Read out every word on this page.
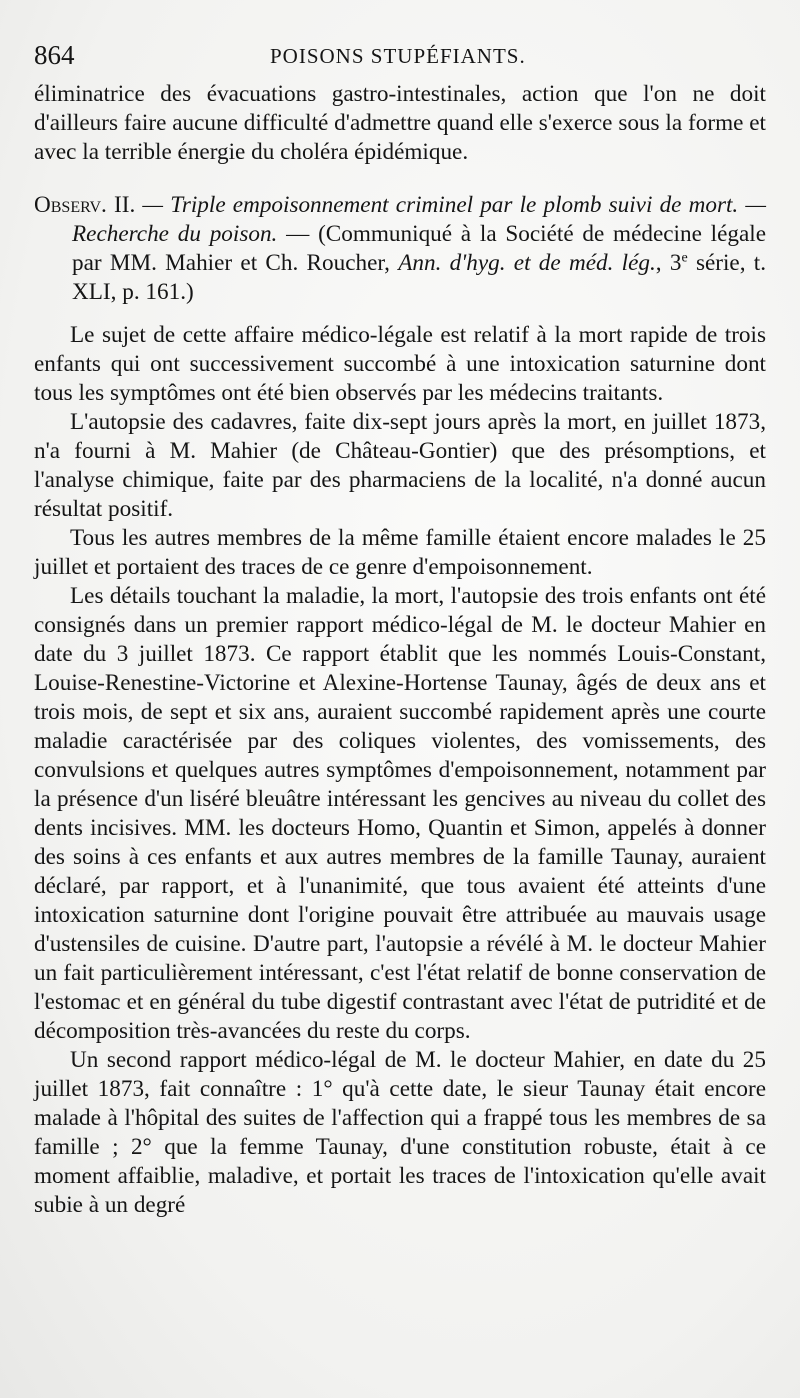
864	POISONS STUPÉFIANTS.

éliminatrice des évacuations gastro-intestinales, action que l'on ne doit d'ailleurs faire aucune difficulté d'admettre quand elle s'exerce sous la forme et avec la terrible énergie du choléra épidémique.

Observ. II. — Triple empoisonnement criminel par le plomb suivi de mort. — Recherche du poison. — (Communiqué à la Société de médecine légale par MM. Mahier et Ch. Roucher, Ann. d'hyg. et de méd. lég., 3e série, t. XLI, p. 161.)

Le sujet de cette affaire médico-légale est relatif à la mort rapide de trois enfants qui ont successivement succombé à une intoxication saturnine dont tous les symptômes ont été bien observés par les médecins traitants.

L'autopsie des cadavres, faite dix-sept jours après la mort, en juillet 1873, n'a fourni à M. Mahier (de Château-Gontier) que des présomptions, et l'analyse chimique, faite par des pharmaciens de la localité, n'a donné aucun résultat positif.

Tous les autres membres de la même famille étaient encore malades le 25 juillet et portaient des traces de ce genre d'empoisonnement.

Les détails touchant la maladie, la mort, l'autopsie des trois enfants ont été consignés dans un premier rapport médico-légal de M. le docteur Mahier en date du 3 juillet 1873. Ce rapport établit que les nommés Louis-Constant, Louise-Renestine-Victorine et Alexine-Hortense Taunay, âgés de deux ans et trois mois, de sept et six ans, auraient succombé rapidement après une courte maladie caractérisée par des coliques violentes, des vomissements, des convulsions et quelques autres symptômes d'empoisonnement, notamment par la présence d'un liséré bleuâtre intéressant les gencives au niveau du collet des dents incisives. MM. les docteurs Homo, Quantin et Simon, appelés à donner des soins à ces enfants et aux autres membres de la famille Taunay, auraient déclaré, par rapport, et à l'unanimité, que tous avaient été atteints d'une intoxication saturnine dont l'origine pouvait être attribuée au mauvais usage d'ustensiles de cuisine. D'autre part, l'autopsie a révélé à M. le docteur Mahier un fait particulièrement intéressant, c'est l'état relatif de bonne conservation de l'estomac et en général du tube digestif contrastant avec l'état de putridité et de décomposition très-avancées du reste du corps.

Un second rapport médico-légal de M. le docteur Mahier, en date du 25 juillet 1873, fait connaître : 1° qu'à cette date, le sieur Taunay était encore malade à l'hôpital des suites de l'affection qui a frappé tous les membres de sa famille ; 2° que la femme Taunay, d'une constitution robuste, était à ce moment affaiblie, maladive, et portait les traces de l'intoxication qu'elle avait subie à un degré
